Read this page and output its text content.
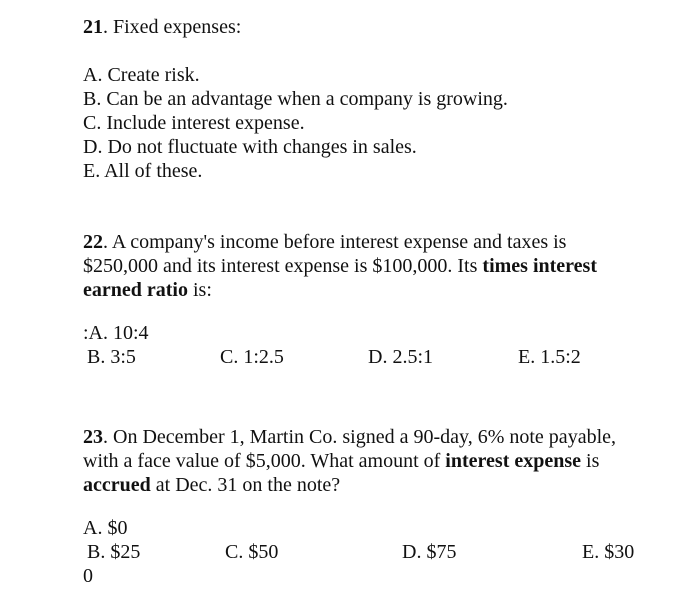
21. Fixed expenses:
A. Create risk.
B. Can be an advantage when a company is growing.
C. Include interest expense.
D. Do not fluctuate with changes in sales.
E. All of these.
22. A company's income before interest expense and taxes is
$250,000 and its interest expense is $100,000. Its times interest
earned ratio is:
:A. 10:4
B. 3:5	C. 1:2.5	D. 2.5:1	E. 1.5:2
23. On December 1, Martin Co. signed a 90-day, 6% note payable,
with a face value of $5,000. What amount of interest expense is
accrued at Dec. 31 on the note?
A. $0
B. $25	C. $50	D. $75	E. $30
0
